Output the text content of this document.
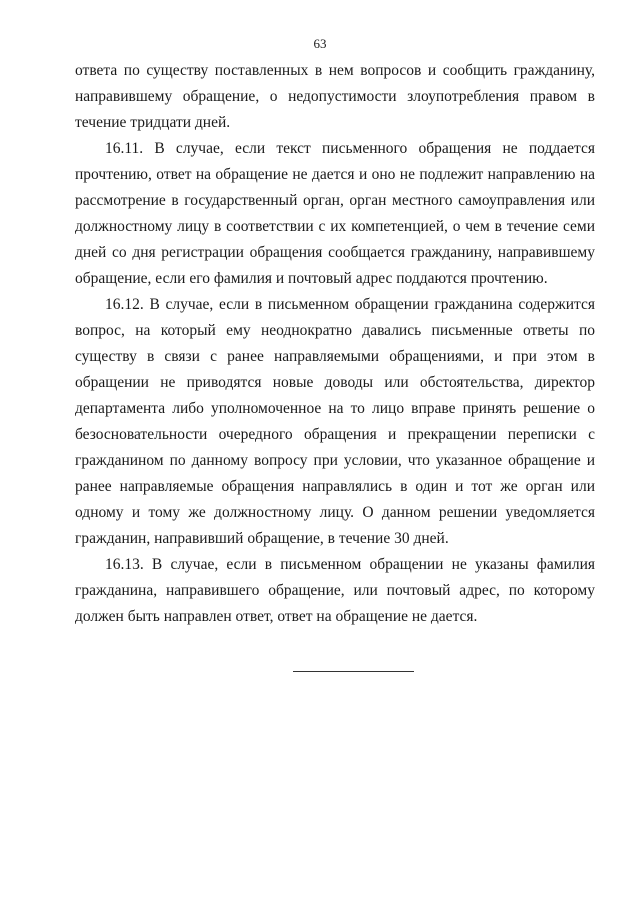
63

ответа по существу поставленных в нем вопросов и сообщить гражданину, направившему обращение, о недопустимости злоупотребления правом в течение тридцати дней.

16.11. В случае, если текст письменного обращения не поддается прочтению, ответ на обращение не дается и оно не подлежит направлению на рассмотрение в государственный орган, орган местного самоуправления или должностному лицу в соответствии с их компетенцией, о чем в течение семи дней со дня регистрации обращения сообщается гражданину, направившему обращение, если его фамилия и почтовый адрес поддаются прочтению.

16.12. В случае, если в письменном обращении гражданина содержится вопрос, на который ему неоднократно давались письменные ответы по существу в связи с ранее направляемыми обращениями, и при этом в обращении не приводятся новые доводы или обстоятельства, директор департамента либо уполномоченное на то лицо вправе принять решение о безосновательности очередного обращения и прекращении переписки с гражданином по данному вопросу при условии, что указанное обращение и ранее направляемые обращения направлялись в один и тот же орган или одному и тому же должностному лицу. О данном решении уведомляется гражданин, направивший обращение, в течение 30 дней.

16.13. В случае, если в письменном обращении не указаны фамилия гражданина, направившего обращение, или почтовый адрес, по которому должен быть направлен ответ, ответ на обращение не дается.
